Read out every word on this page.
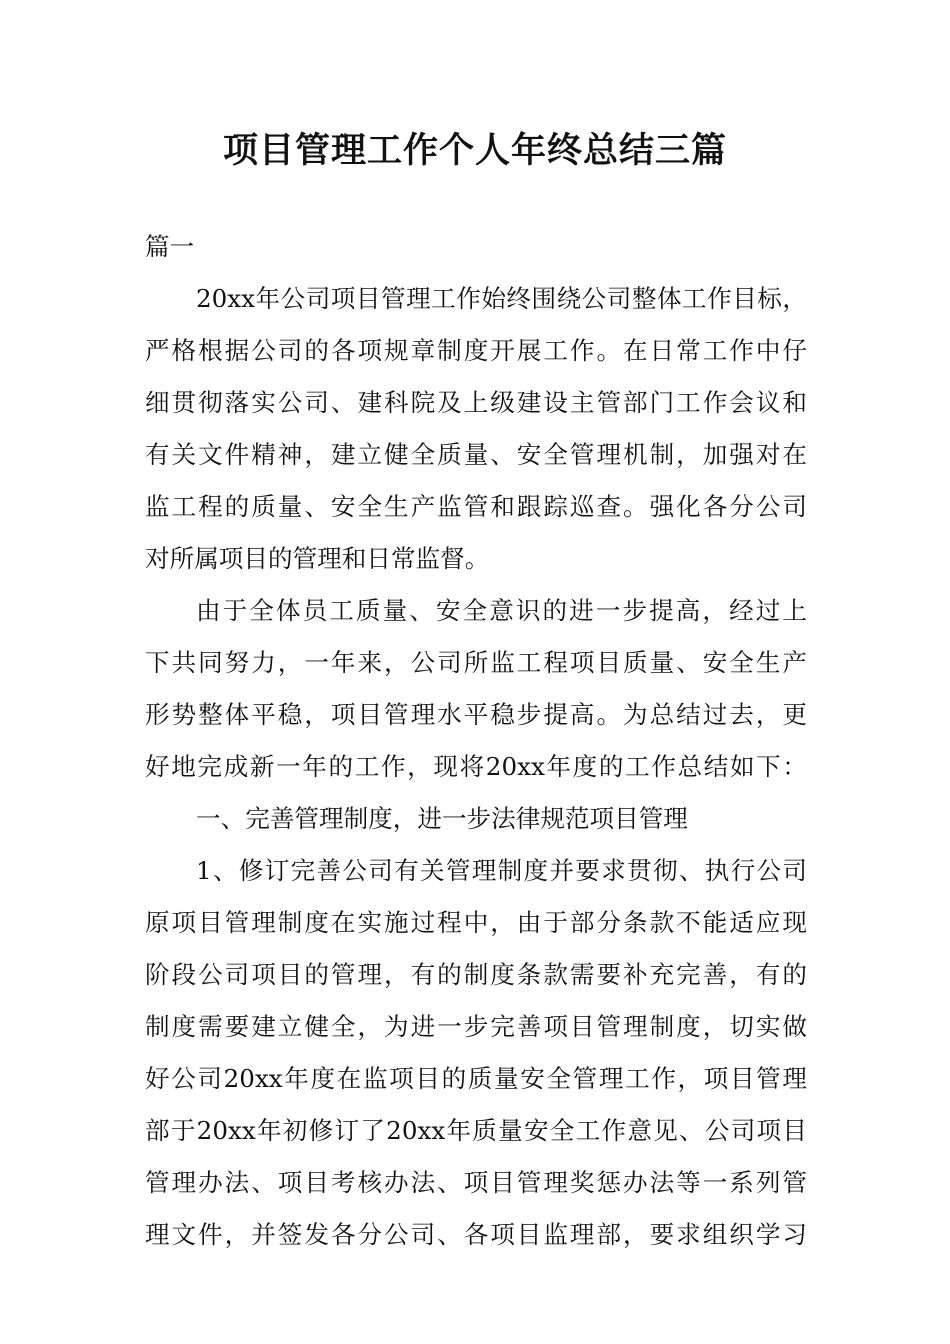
项目管理工作个人年终总结三篇
篇一
20xx年公司项目管理工作始终围绕公司整体工作目标，
严格根据公司的各项规章制度开展工作。在日常工作中仔
细贯彻落实公司、建科院及上级建设主管部门工作会议和
有关文件精神，建立健全质量、安全管理机制，加强对在
监工程的质量、安全生产监管和跟踪巡查。强化各分公司
对所属项目的管理和日常监督。
由于全体员工质量、安全意识的进一步提高，经过上
下共同努力，一年来，公司所监工程项目质量、安全生产
形势整体平稳，项目管理水平稳步提高。为总结过去，更
好地完成新一年的工作，现将20xx年度的工作总结如下：
一、完善管理制度，进一步法律规范项目管理
1、修订完善公司有关管理制度并要求贯彻、执行公司
原项目管理制度在实施过程中，由于部分条款不能适应现
阶段公司项目的管理，有的制度条款需要补充完善，有的
制度需要建立健全，为进一步完善项目管理制度，切实做
好公司20xx年度在监项目的质量安全管理工作，项目管理
部于20xx年初修订了20xx年质量安全工作意见、公司项目
管理办法、项目考核办法、项目管理奖惩办法等一系列管
理文件，并签发各分公司、各项目监理部，要求组织学习
